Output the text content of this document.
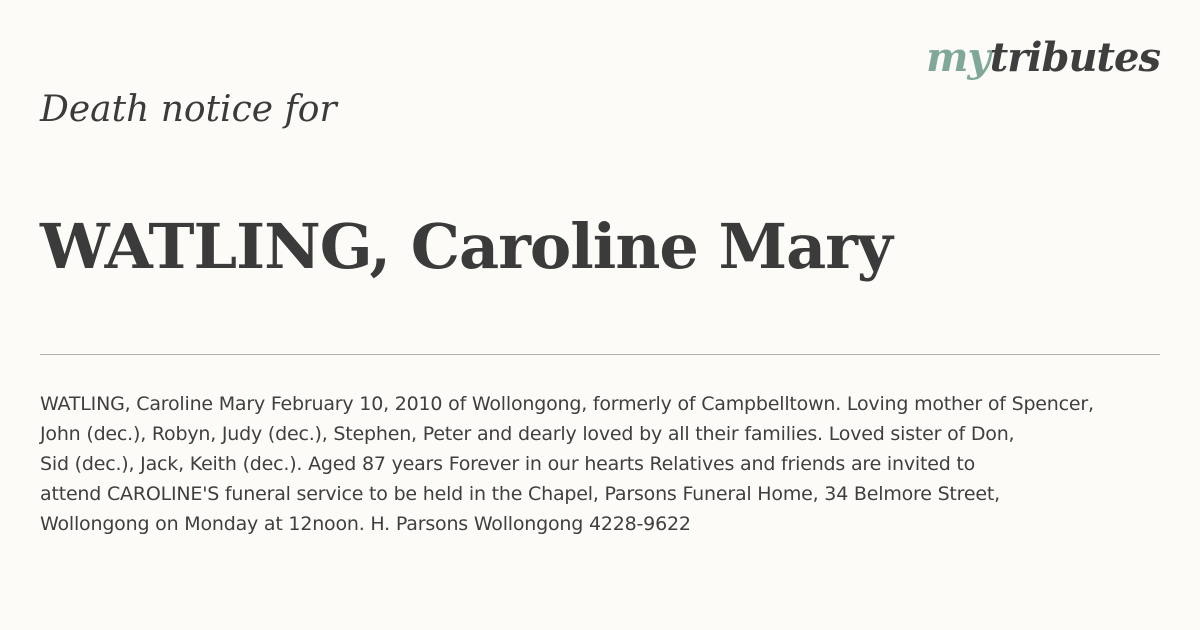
mytributes
Death notice for
WATLING, Caroline Mary
WATLING, Caroline Mary February 10, 2010 of Wollongong, formerly of Campbelltown. Loving mother of Spencer,
John (dec.), Robyn, Judy (dec.), Stephen, Peter and dearly loved by all their families. Loved sister of Don,
Sid (dec.), Jack, Keith (dec.). Aged 87 years Forever in our hearts Relatives and friends are invited to
attend CAROLINE'S funeral service to be held in the Chapel, Parsons Funeral Home, 34 Belmore Street,
Wollongong on Monday at 12noon. H. Parsons Wollongong 4228-9622
